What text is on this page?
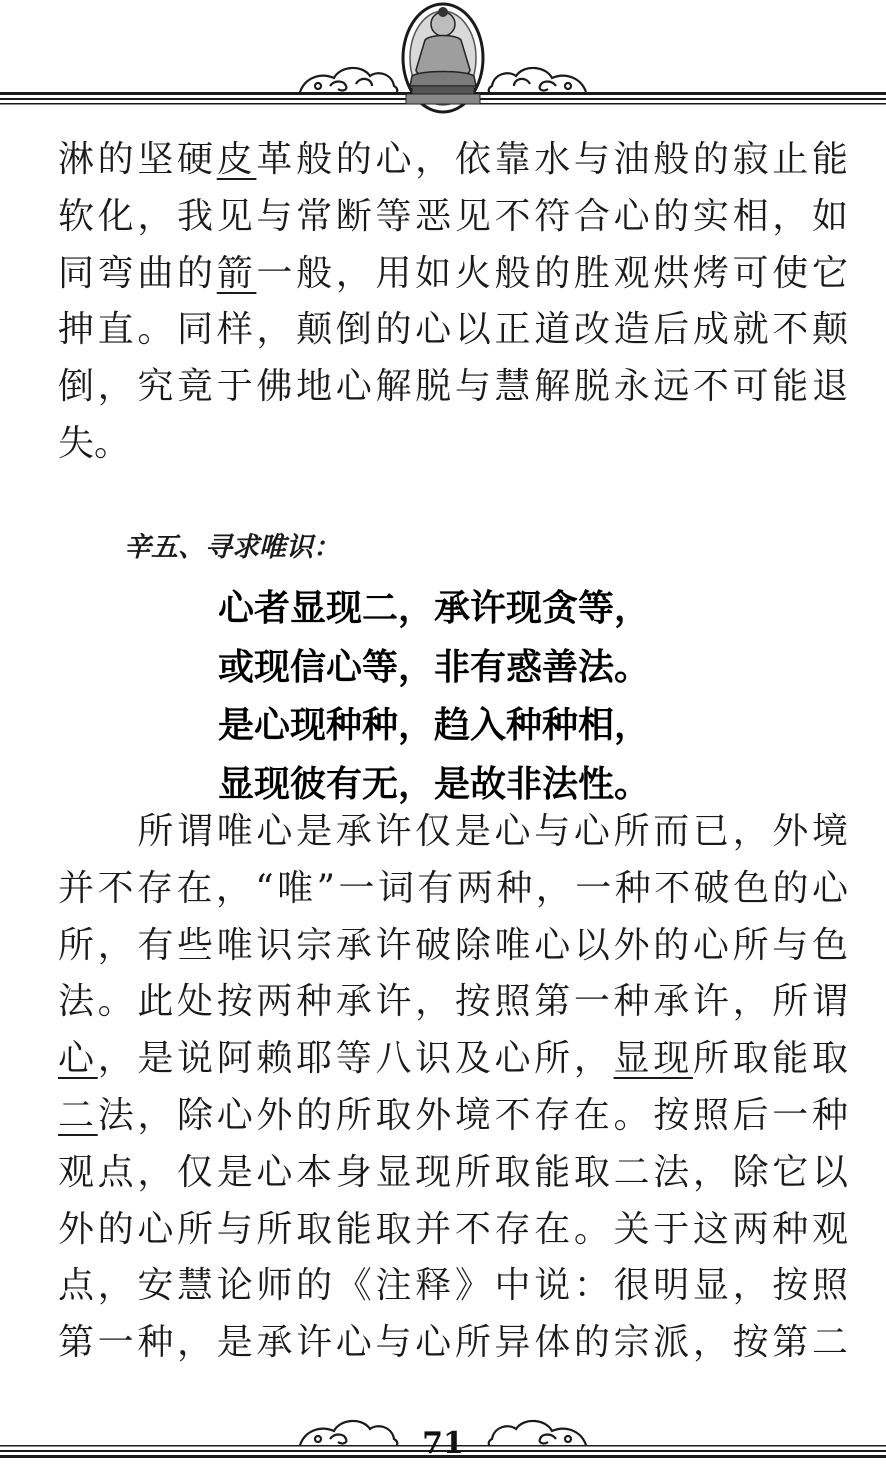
淋的坚硬皮革般的心，依靠水与油般的寂止能
软化，我见与常断等恶见不符合心的实相，如
同弯曲的箭一般，用如火般的胜观烘烤可使它
抻直。同样，颠倒的心以正道改造后成就不颠
倒，究竟于佛地心解脱与慧解脱永远不可能退
失。
辛五、寻求唯识：
心者显现二，承许现贪等，
或现信心等，非有惑善法。
是心现种种，趋入种种相，
显现彼有无，是故非法性。
　　所谓唯心是承许仅是心与心所而已，外境
并不存在，“唯”一词有两种，一种不破色的心
所，有些唯识宗承许破除唯心以外的心所与色
法。此处按两种承许，按照第一种承许，所谓
心，是说阿赖耶等八识及心所，显现所取能取
二法，除心外的所取外境不存在。按照后一种
观点，仅是心本身显现所取能取二法，除它以
外的心所与所取能取并不存在。关于这两种观
点，安慧论师的《注释》中说：很明显，按照
第一种，是承许心与心所异体的宗派，按第二
71
